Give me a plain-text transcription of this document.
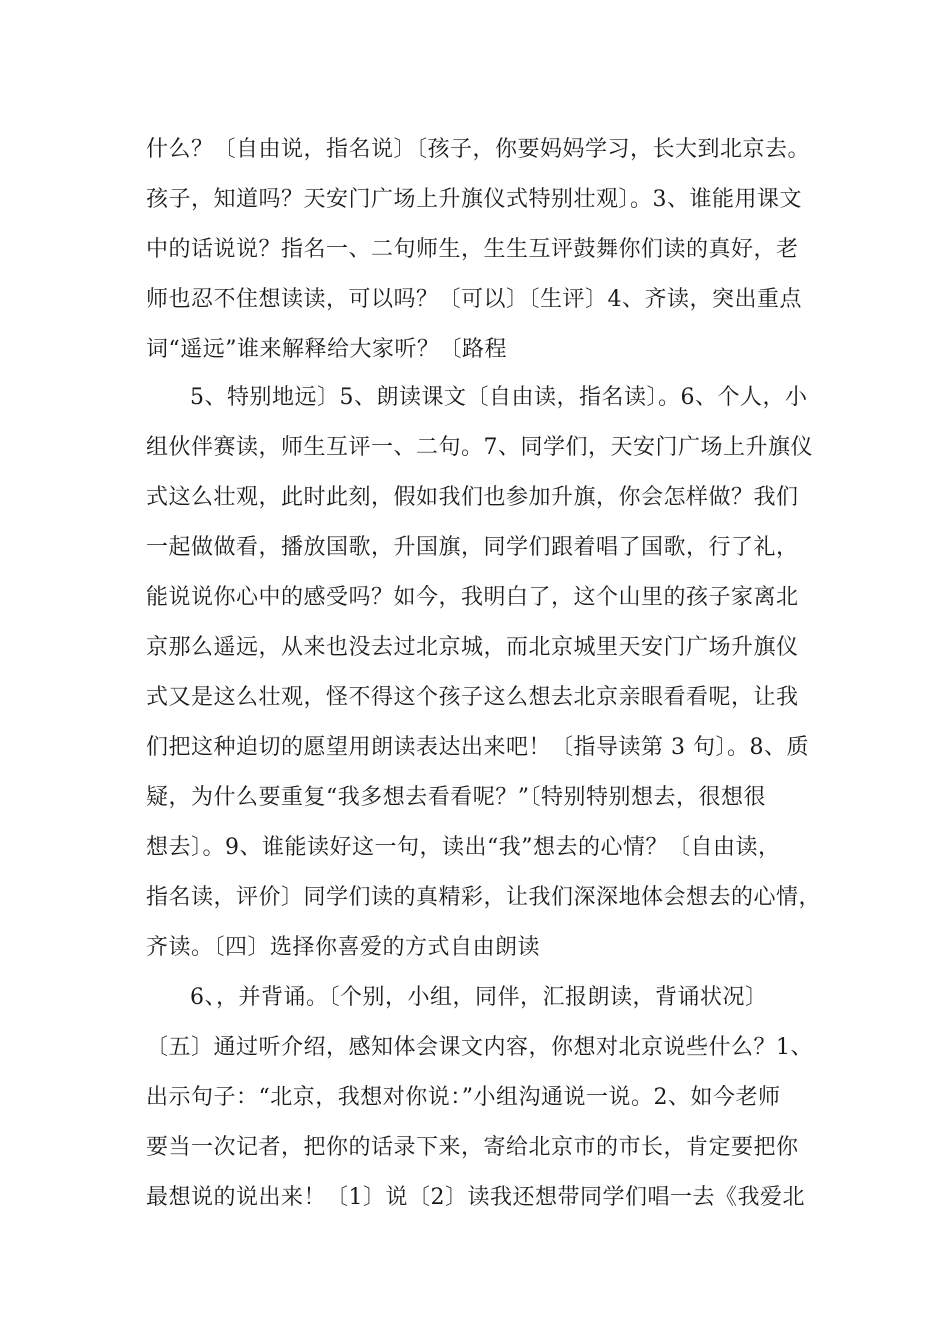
什么？〔自由说，指名说〕〔孩子，你要妈妈学习，长大到北京去。
孩子，知道吗？天安门广场上升旗仪式特别壮观〕。3、谁能用课文
中的话说说？指名一、二句师生，生生互评鼓舞你们读的真好，老
师也忍不住想读读，可以吗？〔可以〕〔生评〕4、齐读，突出重点
词“遥远”谁来解释给大家听？〔路程
5、特别地远〕5、朗读课文〔自由读，指名读〕。6、个人，小
组伙伴赛读，师生互评一、二句。7、同学们，天安门广场上升旗仪
式这么壮观，此时此刻，假如我们也参加升旗，你会怎样做？我们
一起做做看，播放国歌，升国旗，同学们跟着唱了国歌，行了礼，
能说说你心中的感受吗？如今，我明白了，这个山里的孩子家离北
京那么遥远，从来也没去过北京城，而北京城里天安门广场升旗仪
式又是这么壮观，怪不得这个孩子这么想去北京亲眼看看呢，让我
们把这种迫切的愿望用朗读表达出来吧！〔指导读第 3 句〕。8、质
疑，为什么要重复“我多想去看看呢？”〔特别特别想去，很想很
想去〕。9、谁能读好这一句，读出“我”想去的心情？〔自由读，
指名读，评价〕同学们读的真精彩，让我们深深地体会想去的心情，
齐读。〔四〕选择你喜爱的方式自由朗读
6、，并背诵。〔个别，小组，同伴，汇报朗读，背诵状况〕
〔五〕通过听介绍，感知体会课文内容，你想对北京说些什么？1、
出示句子：“北京，我想对你说：”小组沟通说一说。2、如今老师
要当一次记者，把你的话录下来，寄给北京市的市长，肯定要把你
最想说的说出来！〔1〕说〔2〕读我还想带同学们唱一去《我爱北
